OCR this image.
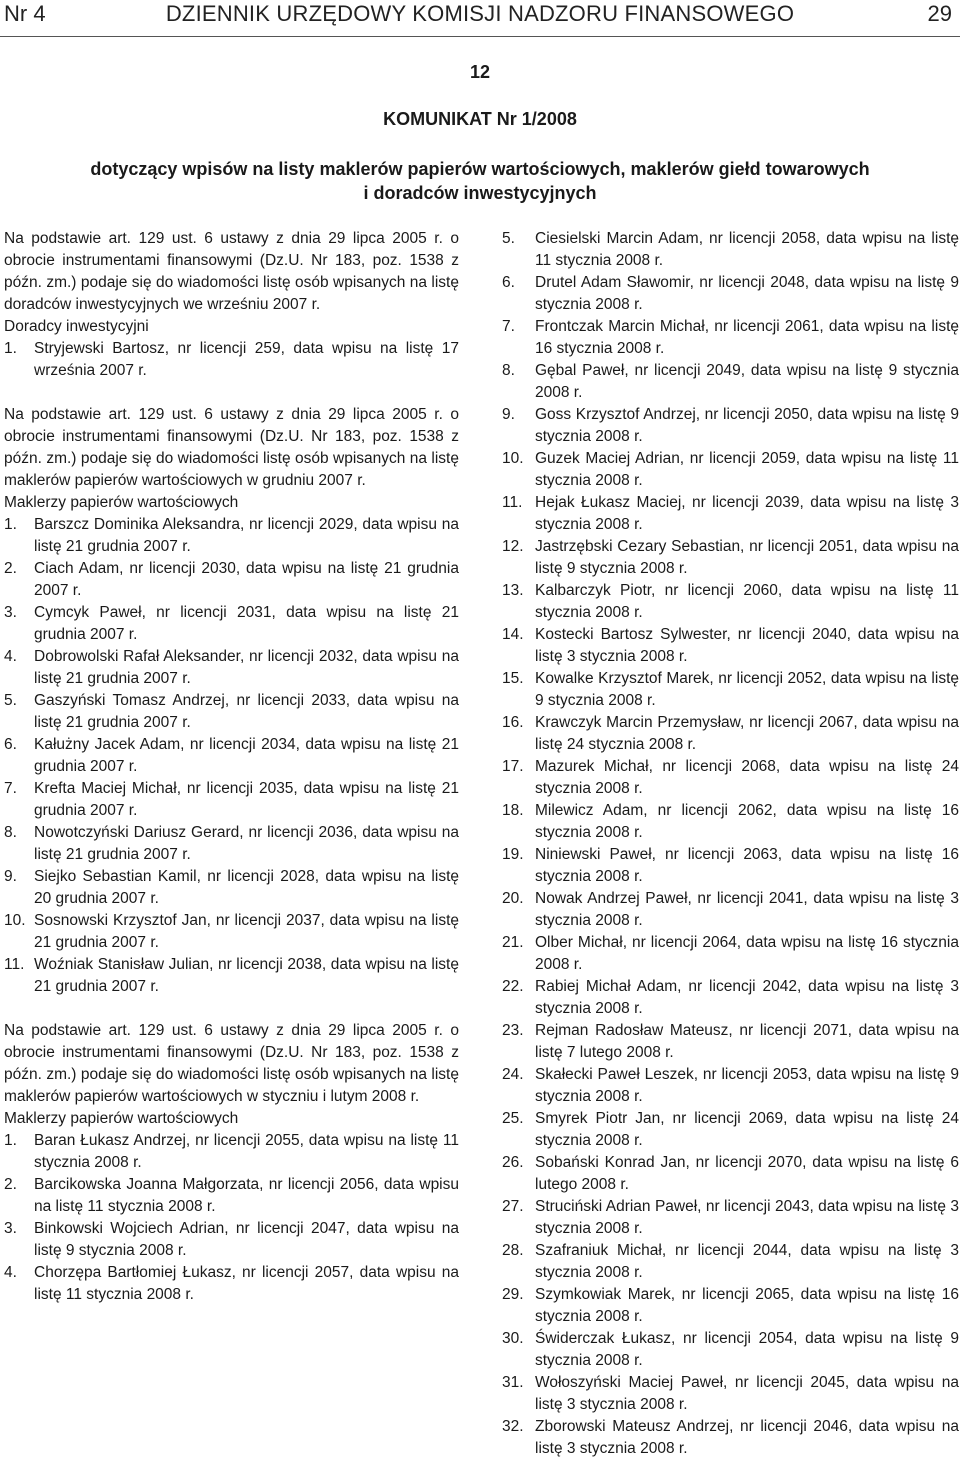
Nr 4	DZIENNIK URZĘDOWY KOMISJI NADZORU FINANSOWEGO	29
12
KOMUNIKAT Nr 1/2008
dotyczący wpisów na listy maklerów papierów wartościowych, maklerów giełd towarowych
i doradców inwestycyjnych

Na podstawie art. 129 ust. 6 ustawy z dnia 29 lipca 2005 r. o obrocie instrumentami finansowymi (Dz.U. Nr 183, poz. 1538 z późn. zm.) podaje się do wiadomości listę osób wpisanych na listę doradców inwestycyjnych we wrześniu 2007 r.

Doradcy inwestycyjni

1. Stryjewski Bartosz, nr licencji 259, data wpisu na listę 17 września 2007 r.

Na podstawie art. 129 ust. 6 ustawy z dnia 29 lipca 2005 r. o obrocie instrumentami finansowymi (Dz.U. Nr 183, poz. 1538 z późn. zm.) podaje się do wiadomości listę osób wpisanych na listę maklerów papierów wartościowych w grudniu 2007 r.

Maklerzy papierów wartościowych

1. Barszcz Dominika Aleksandra, nr licencji 2029, data wpisu na listę 21 grudnia 2007 r.
2. Ciach Adam, nr licencji 2030, data wpisu na listę 21 grudnia 2007 r.
3. Cymcyk Paweł, nr licencji 2031, data wpisu na listę 21 grudnia 2007 r.
4. Dobrowolski Rafał Aleksander, nr licencji 2032, data wpisu na listę 21 grudnia 2007 r.
5. Gaszyński Tomasz Andrzej, nr licencji 2033, data wpisu na listę 21 grudnia 2007 r.
6. Kałużny Jacek Adam, nr licencji 2034, data wpisu na listę 21 grudnia 2007 r.
7. Krefta Maciej Michał, nr licencji 2035, data wpisu na listę 21 grudnia 2007 r.
8. Nowotczyński Dariusz Gerard, nr licencji 2036, data wpisu na listę 21 grudnia 2007 r.
9. Siejko Sebastian Kamil, nr licencji 2028, data wpisu na listę 20 grudnia 2007 r.
10. Sosnowski Krzysztof Jan, nr licencji 2037, data wpisu na listę 21 grudnia 2007 r.
11. Woźniak Stanisław Julian, nr licencji 2038, data wpisu na listę 21 grudnia 2007 r.

Na podstawie art. 129 ust. 6 ustawy z dnia 29 lipca 2005 r. o obrocie instrumentami finansowymi (Dz.U. Nr 183, poz. 1538 z późn. zm.) podaje się do wiadomości listę osób wpisanych na listę maklerów papierów wartościowych w styczniu i lutym 2008 r.

Maklerzy papierów wartościowych

1. Baran Łukasz Andrzej, nr licencji 2055, data wpisu na listę 11 stycznia 2008 r.
2. Barcikowska Joanna Małgorzata, nr licencji 2056, data wpisu na listę 11 stycznia 2008 r.
3. Binkowski Wojciech Adrian, nr licencji 2047, data wpisu na listę 9 stycznia 2008 r.
4. Chorzępa Bartłomiej Łukasz, nr licencji 2057, data wpisu na listę 11 stycznia 2008 r.
5. Ciesielski Marcin Adam, nr licencji 2058, data wpisu na listę 11 stycznia 2008 r.
6. Drutel Adam Sławomir, nr licencji 2048, data wpisu na listę 9 stycznia 2008 r.
7. Frontczak Marcin Michał, nr licencji 2061, data wpisu na listę 16 stycznia 2008 r.
8. Gębal Paweł, nr licencji 2049, data wpisu na listę 9 stycznia 2008 r.
9. Goss Krzysztof Andrzej, nr licencji 2050, data wpisu na listę 9 stycznia 2008 r.
10. Guzek Maciej Adrian, nr licencji 2059, data wpisu na listę 11 stycznia 2008 r.
11. Hejak Łukasz Maciej, nr licencji 2039, data wpisu na listę 3 stycznia 2008 r.
12. Jastrzębski Cezary Sebastian, nr licencji 2051, data wpisu na listę 9 stycznia 2008 r.
13. Kalbarczyk Piotr, nr licencji 2060, data wpisu na listę 11 stycznia 2008 r.
14. Kostecki Bartosz Sylwester, nr licencji 2040, data wpisu na listę 3 stycznia 2008 r.
15. Kowalke Krzysztof Marek, nr licencji 2052, data wpisu na listę 9 stycznia 2008 r.
16. Krawczyk Marcin Przemysław, nr licencji 2067, data wpisu na listę 24 stycznia 2008 r.
17. Mazurek Michał, nr licencji 2068, data wpisu na listę 24 stycznia 2008 r.
18. Milewicz Adam, nr licencji 2062, data wpisu na listę 16 stycznia 2008 r.
19. Niniewski Paweł, nr licencji 2063, data wpisu na listę 16 stycznia 2008 r.
20. Nowak Andrzej Paweł, nr licencji 2041, data wpisu na listę 3 stycznia 2008 r.
21. Olber Michał, nr licencji 2064, data wpisu na listę 16 stycznia 2008 r.
22. Rabiej Michał Adam, nr licencji 2042, data wpisu na listę 3 stycznia 2008 r.
23. Rejman Radosław Mateusz, nr licencji 2071, data wpisu na listę 7 lutego 2008 r.
24. Skałecki Paweł Leszek, nr licencji 2053, data wpisu na listę 9 stycznia 2008 r.
25. Smyrek Piotr Jan, nr licencji 2069, data wpisu na listę 24 stycznia 2008 r.
26. Sobański Konrad Jan, nr licencji 2070, data wpisu na listę 6 lutego 2008 r.
27. Struciński Adrian Paweł, nr licencji 2043, data wpisu na listę 3 stycznia 2008 r.
28. Szafraniuk Michał, nr licencji 2044, data wpisu na listę 3 stycznia 2008 r.
29. Szymkowiak Marek, nr licencji 2065, data wpisu na listę 16 stycznia 2008 r.
30. Świderczak Łukasz, nr licencji 2054, data wpisu na listę 9 stycznia 2008 r.
31. Wołoszyński Maciej Paweł, nr licencji 2045, data wpisu na listę 3 stycznia 2008 r.
32. Zborowski Mateusz Andrzej, nr licencji 2046, data wpisu na listę 3 stycznia 2008 r.
